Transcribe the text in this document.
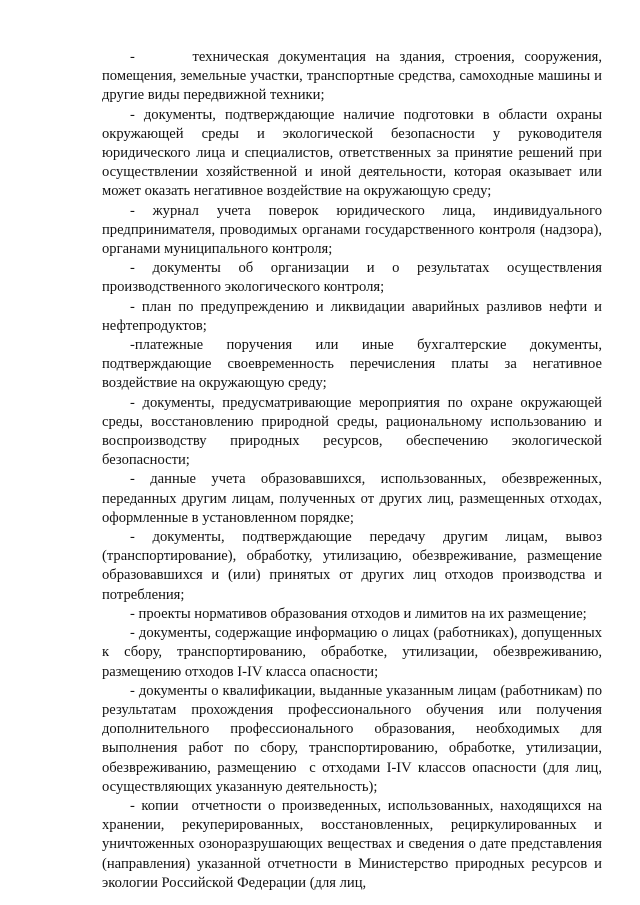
-      техническая документация на здания, строения, сооружения, помещения, земельные участки, транспортные средства, самоходные машины и другие виды передвижной техники;

- документы, подтверждающие наличие подготовки в области охраны окружающей среды и экологической безопасности у руководителя юридического лица и специалистов, ответственных за принятие решений при осуществлении хозяйственной и иной деятельности, которая оказывает или может оказать негативное воздействие на окружающую среду;

- журнал учета поверок юридического лица, индивидуального предпринимателя, проводимых органами государственного контроля (надзора), органами муниципального контроля;

- документы об организации и о результатах осуществления производственного экологического контроля;

- план по предупреждению и ликвидации аварийных разливов нефти и нефтепродуктов;

-платежные поручения или иные бухгалтерские документы, подтверждающие своевременность перечисления платы за негативное воздействие на окружающую среду;

- документы, предусматривающие мероприятия по охране окружающей среды, восстановлению природной среды, рациональному использованию и воспроизводству природных ресурсов, обеспечению экологической безопасности;

- данные учета образовавшихся, использованных, обезвреженных, переданных другим лицам, полученных от других лиц, размещенных отходах, оформленные в установленном порядке;

- документы, подтверждающие передачу другим лицам, вывоз (транспортирование), обработку, утилизацию, обезвреживание, размещение образовавшихся и (или) принятых от других лиц отходов производства и потребления;

- проекты нормативов образования отходов и лимитов на их размещение;

- документы, содержащие информацию о лицах (работниках), допущенных к сбору, транспортированию, обработке, утилизации, обезвреживанию, размещению отходов I-IV класса опасности;

- документы о квалификации, выданные указанным лицам (работникам) по результатам прохождения профессионального обучения или получения дополнительного профессионального образования, необходимых для выполнения работ по сбору, транспортированию, обработке, утилизации, обезвреживанию, размещению  с отходами I-IV классов опасности (для лиц, осуществляющих указанную деятельность);

- копии  отчетности о произведенных, использованных, находящихся на хранении, рекуперированных, восстановленных, рециркулированных и уничтоженных озоноразрушающих веществах и сведения о дате представления (направления) указанной отчетности в Министерство природных ресурсов и экологии Российской Федерации (для лиц,
